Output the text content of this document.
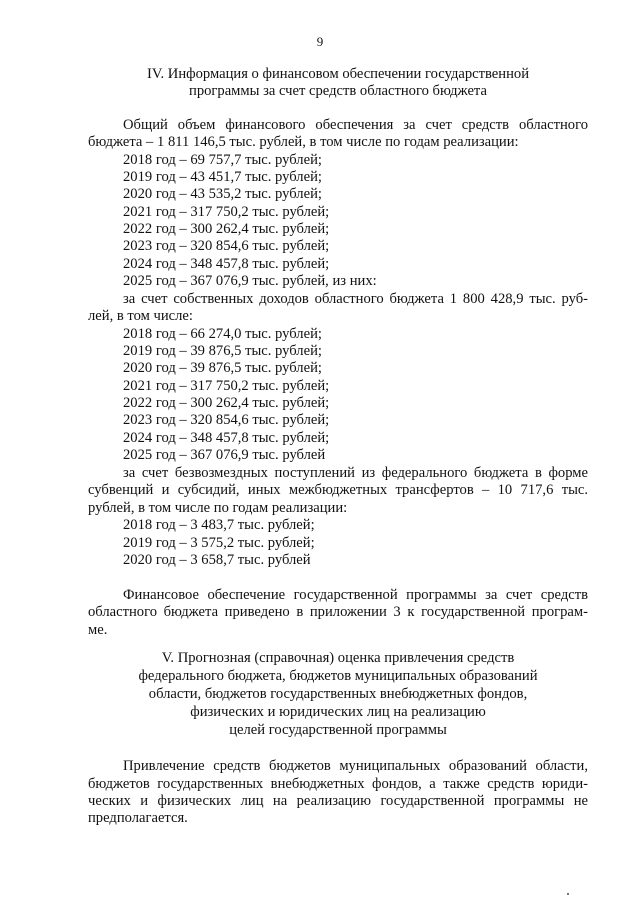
9
IV. Информация о финансовом обеспечении государственной
программы за счет средств областного бюджета
Общий объем финансового обеспечения за счет средств областного
бюджета – 1 811 146,5 тыс. рублей, в том числе по годам реализации:
2018 год – 69 757,7 тыс. рублей;
2019 год – 43 451,7 тыс. рублей;
2020 год – 43 535,2 тыс. рублей;
2021 год – 317 750,2 тыс. рублей;
2022 год – 300 262,4 тыс. рублей;
2023 год – 320 854,6 тыс. рублей;
2024 год – 348 457,8 тыс. рублей;
2025 год – 367 076,9 тыс. рублей, из них:
за счет собственных доходов областного бюджета 1 800 428,9 тыс. руб-
лей, в том числе:
2018 год – 66 274,0 тыс. рублей;
2019 год – 39 876,5 тыс. рублей;
2020 год – 39 876,5 тыс. рублей;
2021 год – 317 750,2 тыс. рублей;
2022 год – 300 262,4 тыс. рублей;
2023 год – 320 854,6 тыс. рублей;
2024 год – 348 457,8 тыс. рублей;
2025 год – 367 076,9 тыс. рублей
за счет безвозмездных поступлений из федерального бюджета в форме
субвенций и субсидий, иных межбюджетных трансфертов – 10 717,6 тыс.
рублей, в том числе по годам реализации:
2018 год – 3 483,7 тыс. рублей;
2019 год – 3 575,2 тыс. рублей;
2020 год – 3 658,7 тыс. рублей
Финансовое обеспечение государственной программы за счет средств
областного бюджета приведено в приложении 3 к государственной програм-
ме.
V. Прогнозная (справочная) оценка привлечения средств
федерального бюджета, бюджетов муниципальных образований
области, бюджетов государственных внебюджетных фондов,
физических и юридических лиц на реализацию
целей государственной программы
Привлечение средств бюджетов муниципальных образований области,
бюджетов государственных внебюджетных фондов, а также средств юриди-
ческих и физических лиц на реализацию государственной программы не
предполагается.
